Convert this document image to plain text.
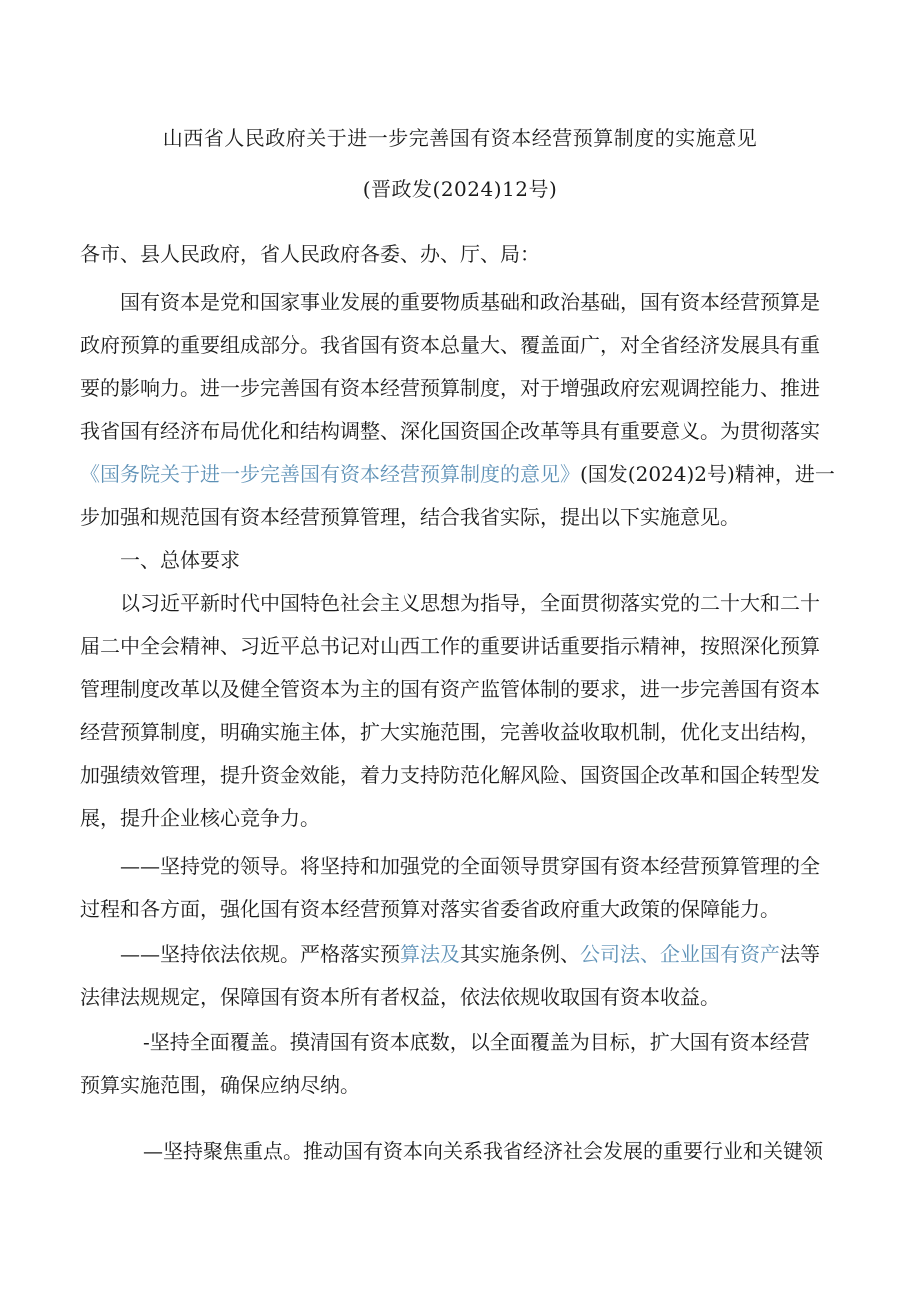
山西省人民政府关于进一步完善国有资本经营预算制度的实施意见
(晋政发(2024)12号)
各市、县人民政府，省人民政府各委、办、厅、局：
国有资本是党和国家事业发展的重要物质基础和政治基础，国有资本经营预算是
政府预算的重要组成部分。我省国有资本总量大、覆盖面广，对全省经济发展具有重
要的影响力。进一步完善国有资本经营预算制度，对于增强政府宏观调控能力、推进
我省国有经济布局优化和结构调整、深化国资国企改革等具有重要意义。为贯彻落实
《国务院关于进一步完善国有资本经营预算制度的意见》(国发(2024)2号)精神，进一
步加强和规范国有资本经营预算管理，结合我省实际，提出以下实施意见。
一、总体要求
以习近平新时代中国特色社会主义思想为指导，全面贯彻落实党的二十大和二十
届二中全会精神、习近平总书记对山西工作的重要讲话重要指示精神，按照深化预算
管理制度改革以及健全管资本为主的国有资产监管体制的要求，进一步完善国有资本
经营预算制度，明确实施主体，扩大实施范围，完善收益收取机制，优化支出结构，
加强绩效管理，提升资金效能，着力支持防范化解风险、国资国企改革和国企转型发
展，提升企业核心竞争力。
——坚持党的领导。将坚持和加强党的全面领导贯穿国有资本经营预算管理的全
过程和各方面，强化国有资本经营预算对落实省委省政府重大政策的保障能力。
——坚持依法依规。严格落实预算法及其实施条例、公司法、企业国有资产法等
法律法规规定，保障国有资本所有者权益，依法依规收取国有资本收益。
-坚持全面覆盖。摸清国有资本底数，以全面覆盖为目标，扩大国有资本经营
预算实施范围，确保应纳尽纳。
—坚持聚焦重点。推动国有资本向关系我省经济社会发展的重要行业和关键领
